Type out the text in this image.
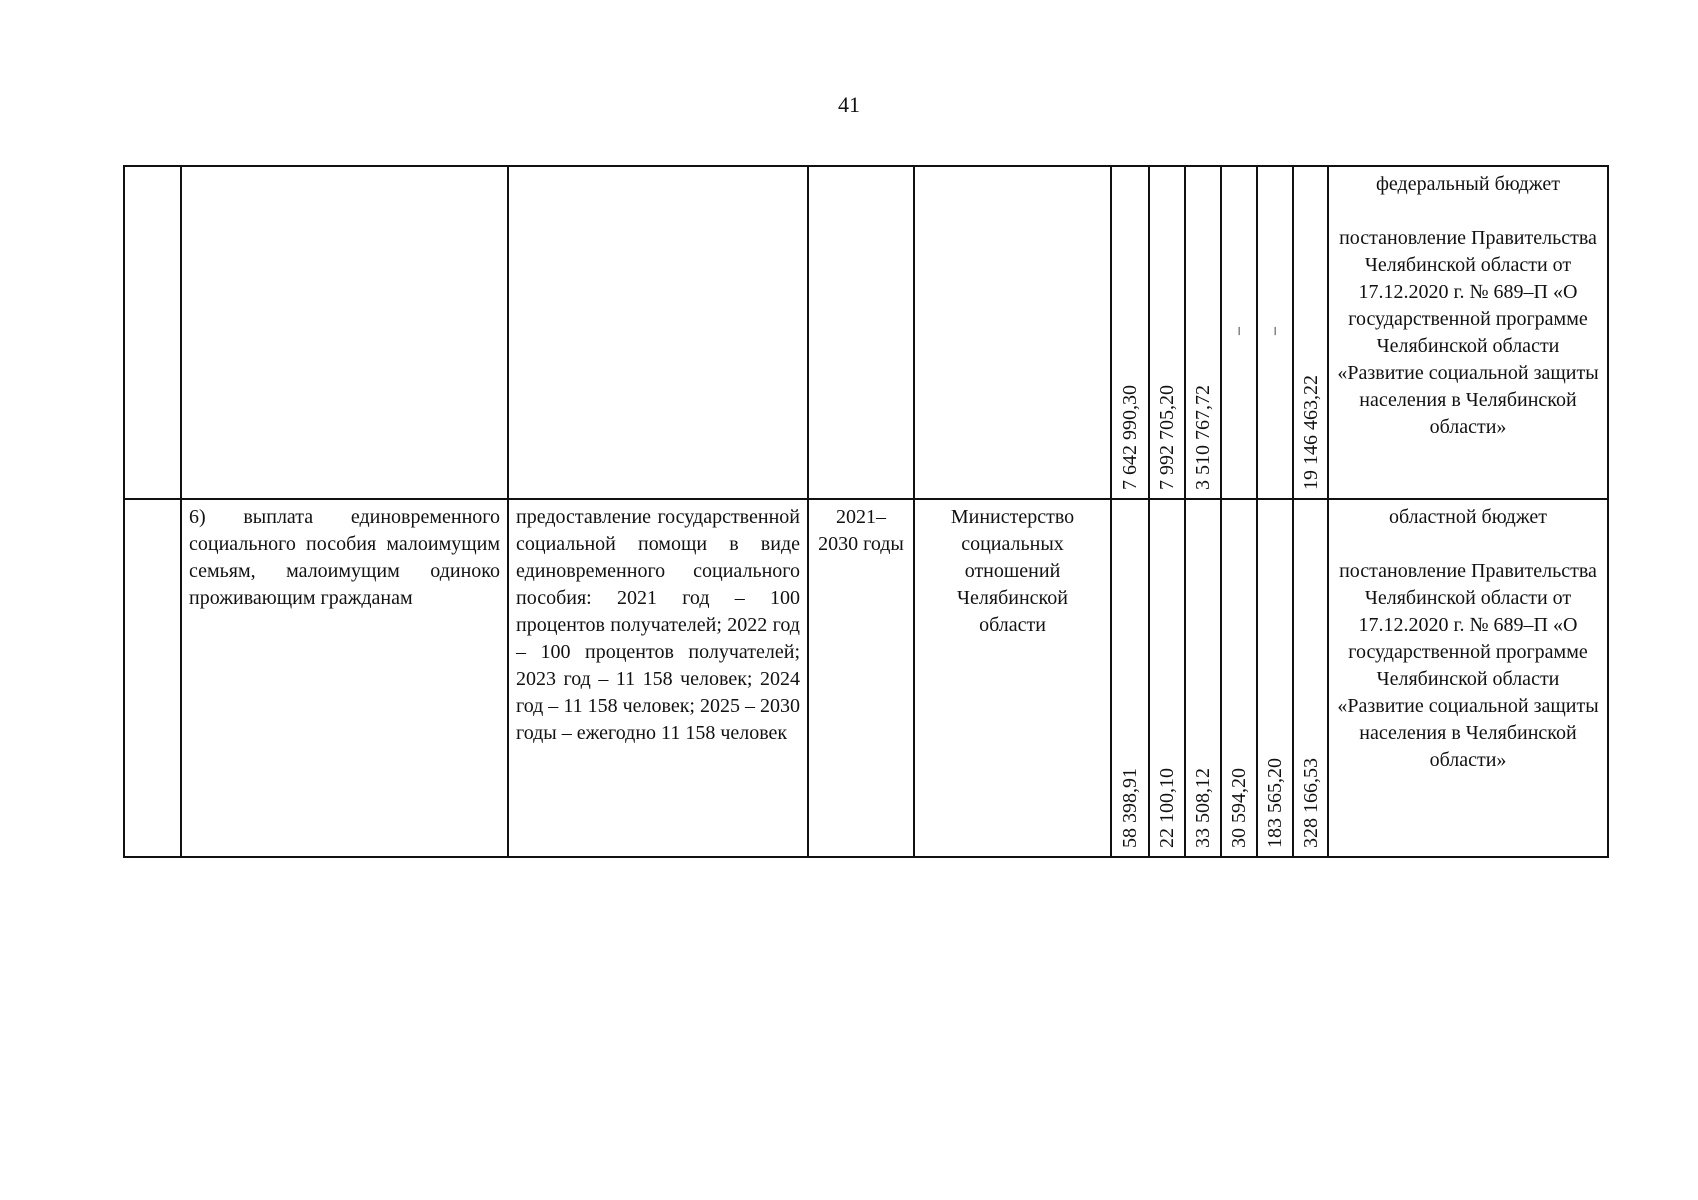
41

					7 642 990,30	7 992 705,20	3 510 767,72	–	–	19 146 463,22	федеральный бюджет
постановление Правительства Челябинской области от 17.12.2020 г. № 689–П «О государственной программе Челябинской области «Развитие социальной защиты населения в Челябинской области»

	6) выплата единовременного социального пособия малоимущим семьям, малоимущим одиноко проживающим гражданам	предоставление государственной социальной помощи в виде единовременного социального пособия: 2021 год – 100 процентов получателей; 2022 год – 100 процентов получателей; 2023 год – 11 158 человек; 2024 год – 11 158 человек; 2025 – 2030 годы – ежегодно 11 158 человек	2021– 2030 годы	Министерство социальных отношений Челябинской области	58 398,91	22 100,10	33 508,12	30 594,20	183 565,20	328 166,53	областной бюджет
постановление Правительства Челябинской области от 17.12.2020 г. № 689–П «О государственной программе Челябинской области «Развитие социальной защиты населения в Челябинской области»
